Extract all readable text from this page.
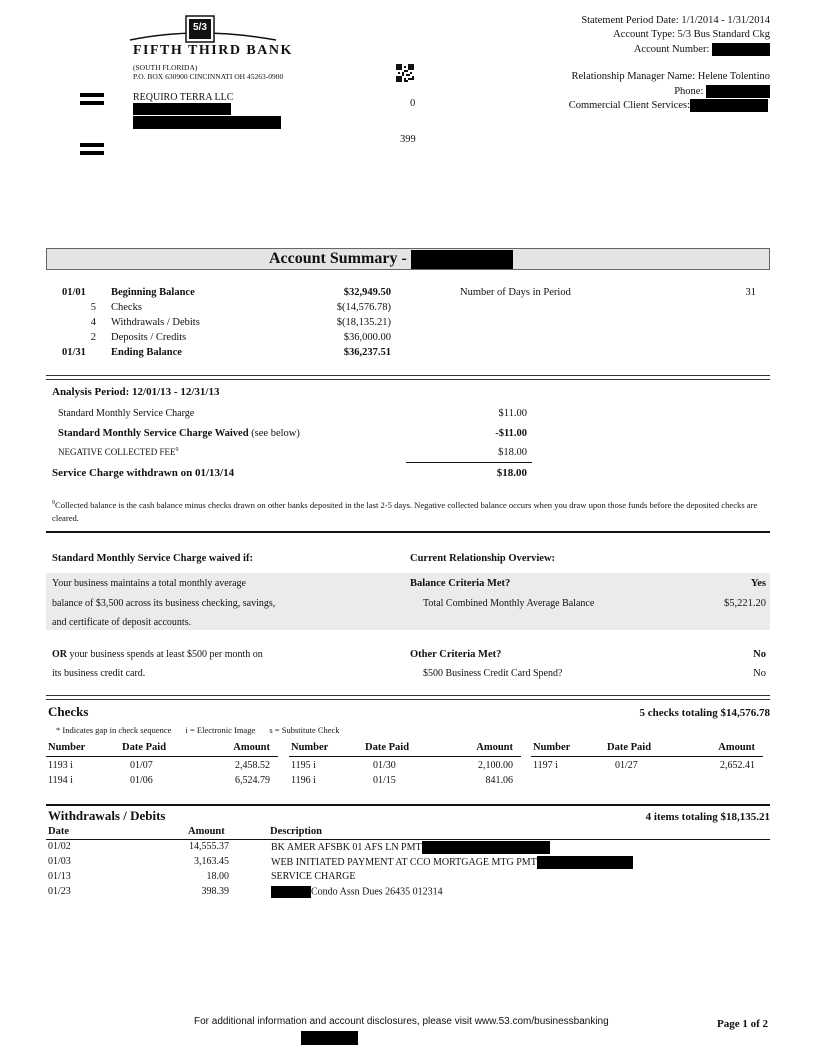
5/3
FIFTH THIRD BANK
(SOUTH FLORIDA)
P.O. BOX 630900 CINCINNATI OH 45263-0900
REQUIRO TERRA LLC
0
399
Statement Period Date: 1/1/2014 - 1/31/2014
Account Type: 5/3 Bus Standard Ckg
Account Number:
Relationship Manager Name: Helene Tolentino
Phone:
Commercial Client Services:
Account Summary -
01/01 Beginning Balance	$32,949.50
5 Checks	$(14,576.78)
4 Withdrawals / Debits	$(18,135.21)
2 Deposits / Credits	$36,000.00
01/31 Ending Balance	$36,237.51
Number of Days in Period	31
Analysis Period: 12/01/13 - 12/31/13
Standard Monthly Service Charge	$11.00
Standard Monthly Service Charge Waived (see below)	-$11.00
NEGATIVE COLLECTED FEE$^9$	$18.00
Service Charge withdrawn on 01/13/14	$18.00
$^9$Collected balance is the cash balance minus checks drawn on other banks deposited in the last 2-5 days. Negative collected balance occurs when you draw upon those funds before the deposited checks are cleared.
Standard Monthly Service Charge waived if:	Current Relationship Overview:
Your business maintains a total monthly average
balance of $3,500 across its business checking, savings,
and certificate of deposit accounts.
Balance Criteria Met?	Yes
Total Combined Monthly Average Balance	$5,221.20
OR your business spends at least $500 per month on
its business credit card.
Other Criteria Met?	No
$500 Business Credit Card Spend?	No
Checks	5 checks totaling $14,576.78
* Indicates gap in check sequence i = Electronic Image s = Substitute Check
Number	Date Paid	Amount
1193 i	01/07	2,458.52
1194 i	01/06	6,524.79
Number	Date Paid	Amount
1195 i	01/30	2,100.00
1196 i	01/15	841.06
Number	Date Paid	Amount
1197 i	01/27	2,652.41
Withdrawals / Debits	4 items totaling $18,135.21
Date	Amount	Description
01/02	14,555.37	BK AMER AFSBK 01 AFS LN PMT
01/03	3,163.45	WEB INITIATED PAYMENT AT CCO MORTGAGE MTG PMT
01/13	18.00	SERVICE CHARGE
01/23	398.39	Condo Assn Dues 26435 012314
For additional information and account disclosures, please visit www.53.com/businessbanking	Page 1 of 2
